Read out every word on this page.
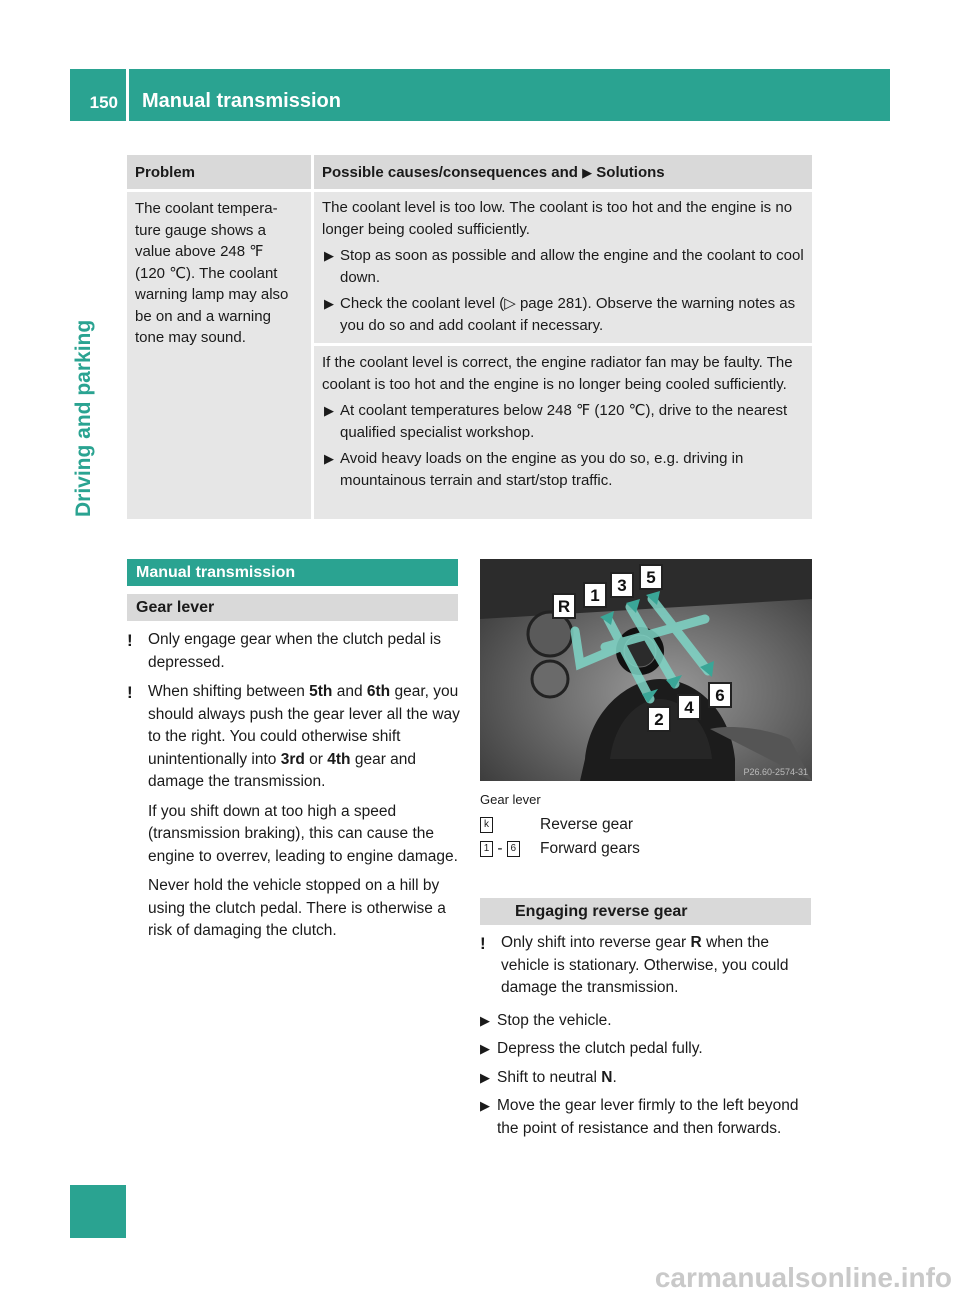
150 Manual transmission
Driving and parking
Problem	Possible causes/consequences and ▶ Solutions
The coolant tempera-
ture gauge shows a
value above 248 ℉
(120 ℃). The coolant
warning lamp may also
be on and a warning
tone may sound.

The coolant level is too low. The coolant is too hot and the engine is no longer being cooled sufficiently.

▶ Stop as soon as possible and allow the engine and the coolant to cool down.
▶ Check the coolant level (▷ page 281). Observe the warning notes as you do so and add coolant if necessary.

If the coolant level is correct, the engine radiator fan may be faulty. The coolant is too hot and the engine is no longer being cooled sufficiently.

▶ At coolant temperatures below 248 ℉ (120 ℃), drive to the nearest qualified specialist workshop.
▶ Avoid heavy loads on the engine as you do so, e.g. driving in mountainous terrain and start/stop traffic.
Manual transmission
Gear lever
! Only engage gear when the clutch pedal is depressed.
! When shifting between 5th and 6th gear, you should always push the gear lever all the way to the right. You could otherwise shift unintentionally into 3rd or 4th gear and damage the transmission.
If you shift down at too high a speed (transmission braking), this can cause the engine to overrev, leading to engine damage.
Never hold the vehicle stopped on a hill by using the clutch pedal. There is otherwise a risk of damaging the clutch.
R
1
3 5
2
4
6
P26.60-2574-31
Gear lever
k	Reverse gear
1 - 6 Forward gears
Engaging reverse gear
! Only shift into reverse gear R when the vehicle is stationary. Otherwise, you could damage the transmission.
▶ Stop the vehicle.
▶ Depress the clutch pedal fully.
▶ Shift to neutral N.
▶ Move the gear lever firmly to the left beyond the point of resistance and then forwards.
carmanualsonline.info
